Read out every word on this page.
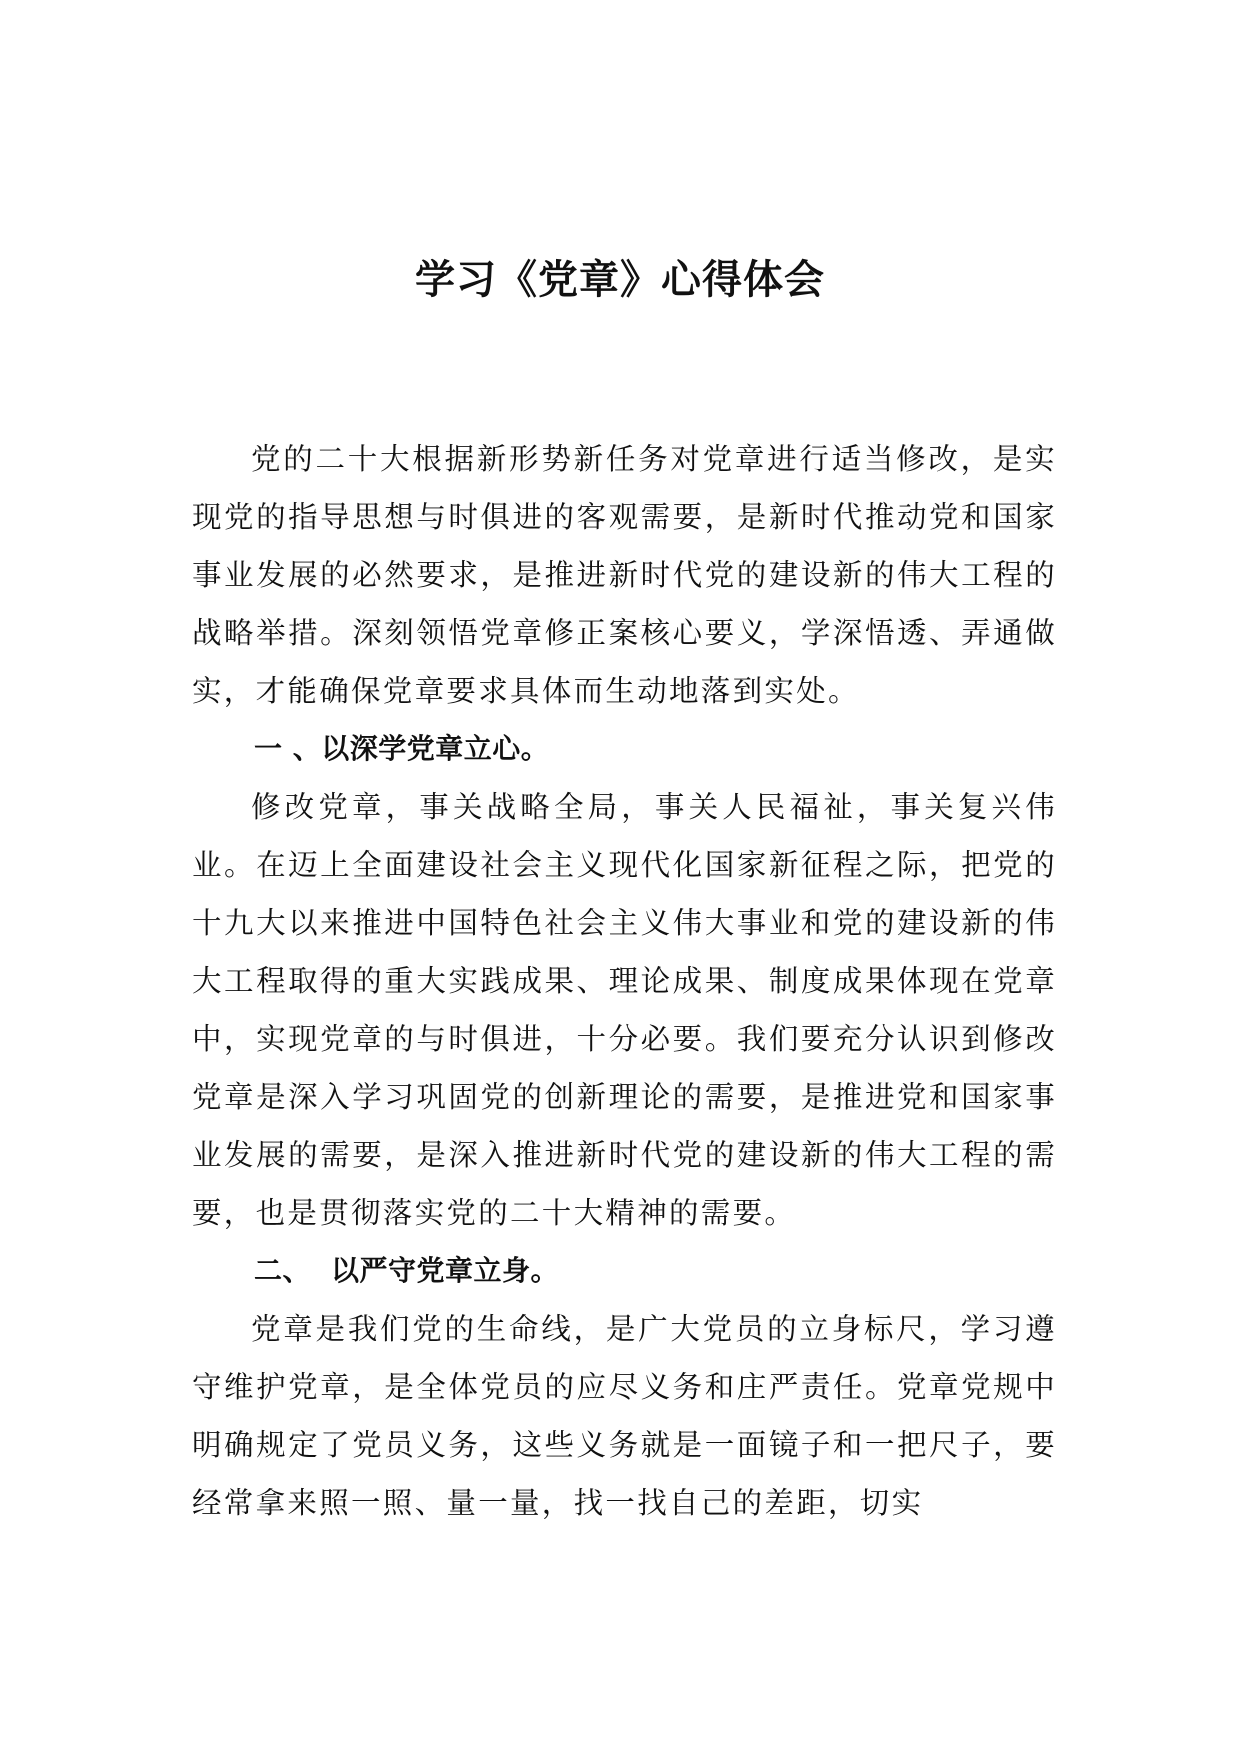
学习《党章》心得体会

党的二十大根据新形势新任务对党章进行适当修改，是实现党的指导思想与时俱进的客观需要，是新时代推动党和国家事业发展的必然要求，是推进新时代党的建设新的伟大工程的战略举措。深刻领悟党章修正案核心要义，学深悟透、弄通做实，才能确保党章要求具体而生动地落到实处。

一 、以深学党章立心。

修改党章，事关战略全局，事关人民福祉，事关复兴伟业。在迈上全面建设社会主义现代化国家新征程之际，把党的十九大以来推进中国特色社会主义伟大事业和党的建设新的伟大工程取得的重大实践成果、理论成果、制度成果体现在党章中，实现党章的与时俱进，十分必要。我们要充分认识到修改党章是深入学习巩固党的创新理论的需要，是推进党和国家事业发展的需要，是深入推进新时代党的建设新的伟大工程的需要，也是贯彻落实党的二十大精神的需要。

二、 以严守党章立身。

党章是我们党的生命线，是广大党员的立身标尺，学习遵守维护党章，是全体党员的应尽义务和庄严责任。党章党规中明确规定了党员义务，这些义务就是一面镜子和一把尺子，要经常拿来照一照、量一量，找一找自己的差距，切实
